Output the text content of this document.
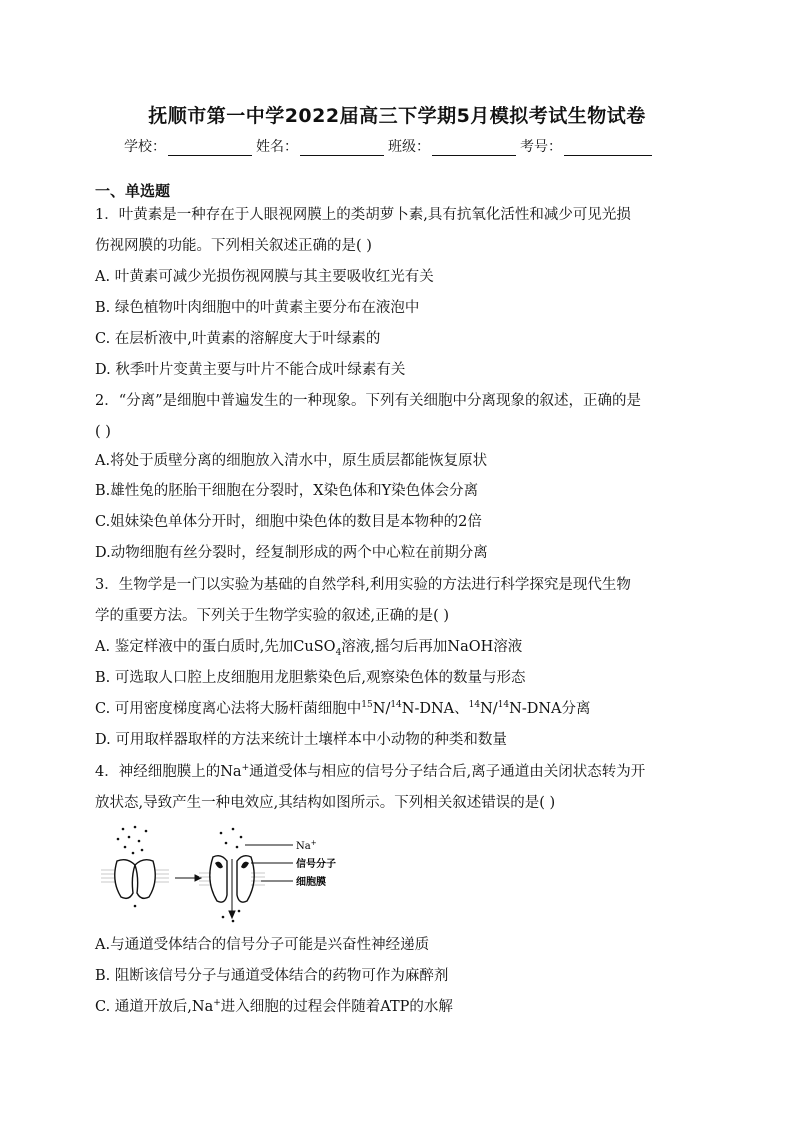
抚顺市第一中学2022届高三下学期5月模拟考试生物试卷
学校：	姓名：	班级：	考号：
一、单选题
1．叶黄素是一种存在于人眼视网膜上的类胡萝卜素,具有抗氧化活性和减少可见光损
伤视网膜的功能。下列相关叙述正确的是( )
A. 叶黄素可减少光损伤视网膜与其主要吸收红光有关
B. 绿色植物叶肉细胞中的叶黄素主要分布在液泡中
C. 在层析液中,叶黄素的溶解度大于叶绿素的
D. 秋季叶片变黄主要与叶片不能合成叶绿素有关
2．“分离”是细胞中普遍发生的一种现象。下列有关细胞中分离现象的叙述，正确的是
( )
A.将处于质壁分离的细胞放入清水中，原生质层都能恢复原状
B.雄性兔的胚胎干细胞在分裂时，X染色体和Y染色体会分离
C.姐妹染色单体分开时，细胞中染色体的数目是本物种的2倍
D.动物细胞有丝分裂时，经复制形成的两个中心粒在前期分离
3．生物学是一门以实验为基础的自然学科,利用实验的方法进行科学探究是现代生物
学的重要方法。下列关于生物学实验的叙述,正确的是( )
A. 鉴定样液中的蛋白质时,先加CuSO$_4$溶液,摇匀后再加NaOH溶液
B. 可选取人口腔上皮细胞用龙胆紫染色后,观察染色体的数量与形态
C. 可用密度梯度离心法将大肠杆菌细胞中$^{15}$N/$^{14}$N-DNA、$^{14}$N/$^{14}$N-DNA分离
D. 可用取样器取样的方法来统计土壤样本中小动物的种类和数量
4．神经细胞膜上的Na+通道受体与相应的信号分子结合后,离子通道由关闭状态转为开
放状态,导致产生一种电效应,其结构如图所示。下列相关叙述错误的是( )
Na+
信号分子
细胞膜
A.与通道受体结合的信号分子可能是兴奋性神经递质
B. 阻断该信号分子与通道受体结合的药物可作为麻醉剂
C. 通道开放后,Na+进入细胞的过程会伴随着ATP的水解
